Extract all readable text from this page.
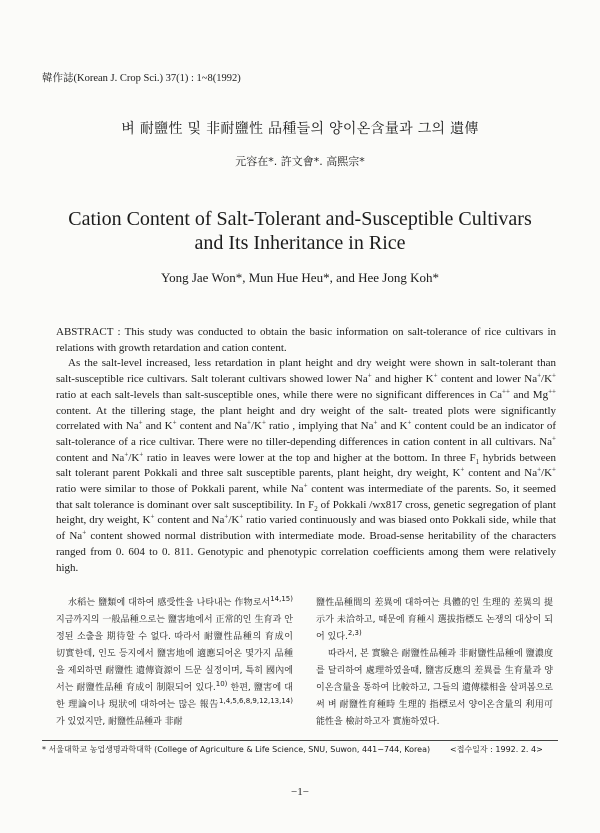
韓作誌(Korean J. Crop Sci.) 37(1) : 1~8(1992)
벼 耐鹽性 및 非耐鹽性 品種들의 양이온含量과 그의 遺傳
元容在*. 許文會*. 高熙宗*
Cation Content of Salt-Tolerant and-Susceptible Cultivars and Its Inheritance in Rice
Yong Jae Won*, Mun Hue Heu*, and Hee Jong Koh*

ABSTRACT : This study was conducted to obtain the basic information on salt-tolerance of rice cultivars in relations with growth retardation and cation content.

As the salt-level increased, less retardation in plant height and dry weight were shown in salt-tolerant than salt-susceptible rice cultivars. Salt tolerant cultivars showed lower Na+ and higher K+ content and lower Na+/K+ ratio at each salt-levels than salt-susceptible ones, while there were no significant differences in Ca++ and Mg++ content. At the tillering stage, the plant height and dry weight of the salt- treated plots were significantly correlated with Na+ and K+ content and Na+/K+ ratio , implying that Na+ and K+ content could be an indicator of salt-tolerance of a rice cultivar. There were no tiller-depending differences in cation content in all cultivars. Na+ content and Na+/K+ ratio in leaves were lower at the top and higher at the bottom. In three $F_1$ hybrids between salt tolerant parent Pokkali and three salt susceptible parents, plant height, dry weight, K+ content and Na+/K+ ratio were similar to those of Pokkali parent, while Na+ content was intermediate of the parents. So, it seemed that salt tolerance is dominant over salt susceptibility. In $F_2$ of Pokkali /wx817 cross, genetic segregation of plant height, dry weight, K+ content and Na+/K+ ratio varied continuously and was biased onto Pokkali side, while that of Na+ content showed normal distribution with intermediate mode. Broad-sense heritability of the characters ranged from 0. 604 to 0. 811. Genotypic and phenotypic correlation coefficients among them were relatively high.

水稻는 鹽類에 대하여 感受性을 나타내는 作物로서$^{14,15)}$ 지금까지의 一般品種으로는 鹽害地에서 正常的인 生育과 안정된 소출을 期待할 수 없다. 따라서 耐鹽性品種의 育成이 切實한데, 인도 등지에서 鹽害地에 適應되어온 몇가지 品種을 제외하면 耐鹽性 遺傳資源이 드문 실정이며, 특히 國內에서는 耐鹽性品種 育成이 制限되어 있다.$^{10)}$ 한편, 鹽害에 대한 理論이나 現狀에 대하여는 많은 報告$^{1,4,5,6,8,9,12,13,14)}$가 있었지만, 耐鹽性品種과 非耐

鹽性品種間의 差異에 대하여는 具體的인 生理的 差異의 提示가 未洽하고, 때문에 育種시 選拔指標도 논쟁의 대상이 되어 있다.$^{2,3)}$

따라서, 본 實驗은 耐鹽性品種과 非耐鹽性品種에 鹽濃度를 달리하여 處理하였을때, 鹽害反應의 差異를 生育量과 양이온含量을 통하여 比較하고, 그들의 遺傳樣相을 살펴봄으로써 벼 耐鹽性育種時 生理的 指標로서 양이온含量의 利用可能性을 檢討하고자 實施하였다.

* 서울대학교 농업생명과학대학 (College of Agriculture & Life Science, SNU, Suwon, 441−744, Korea) <접수일자 : 1992. 2. 4>
−1−
